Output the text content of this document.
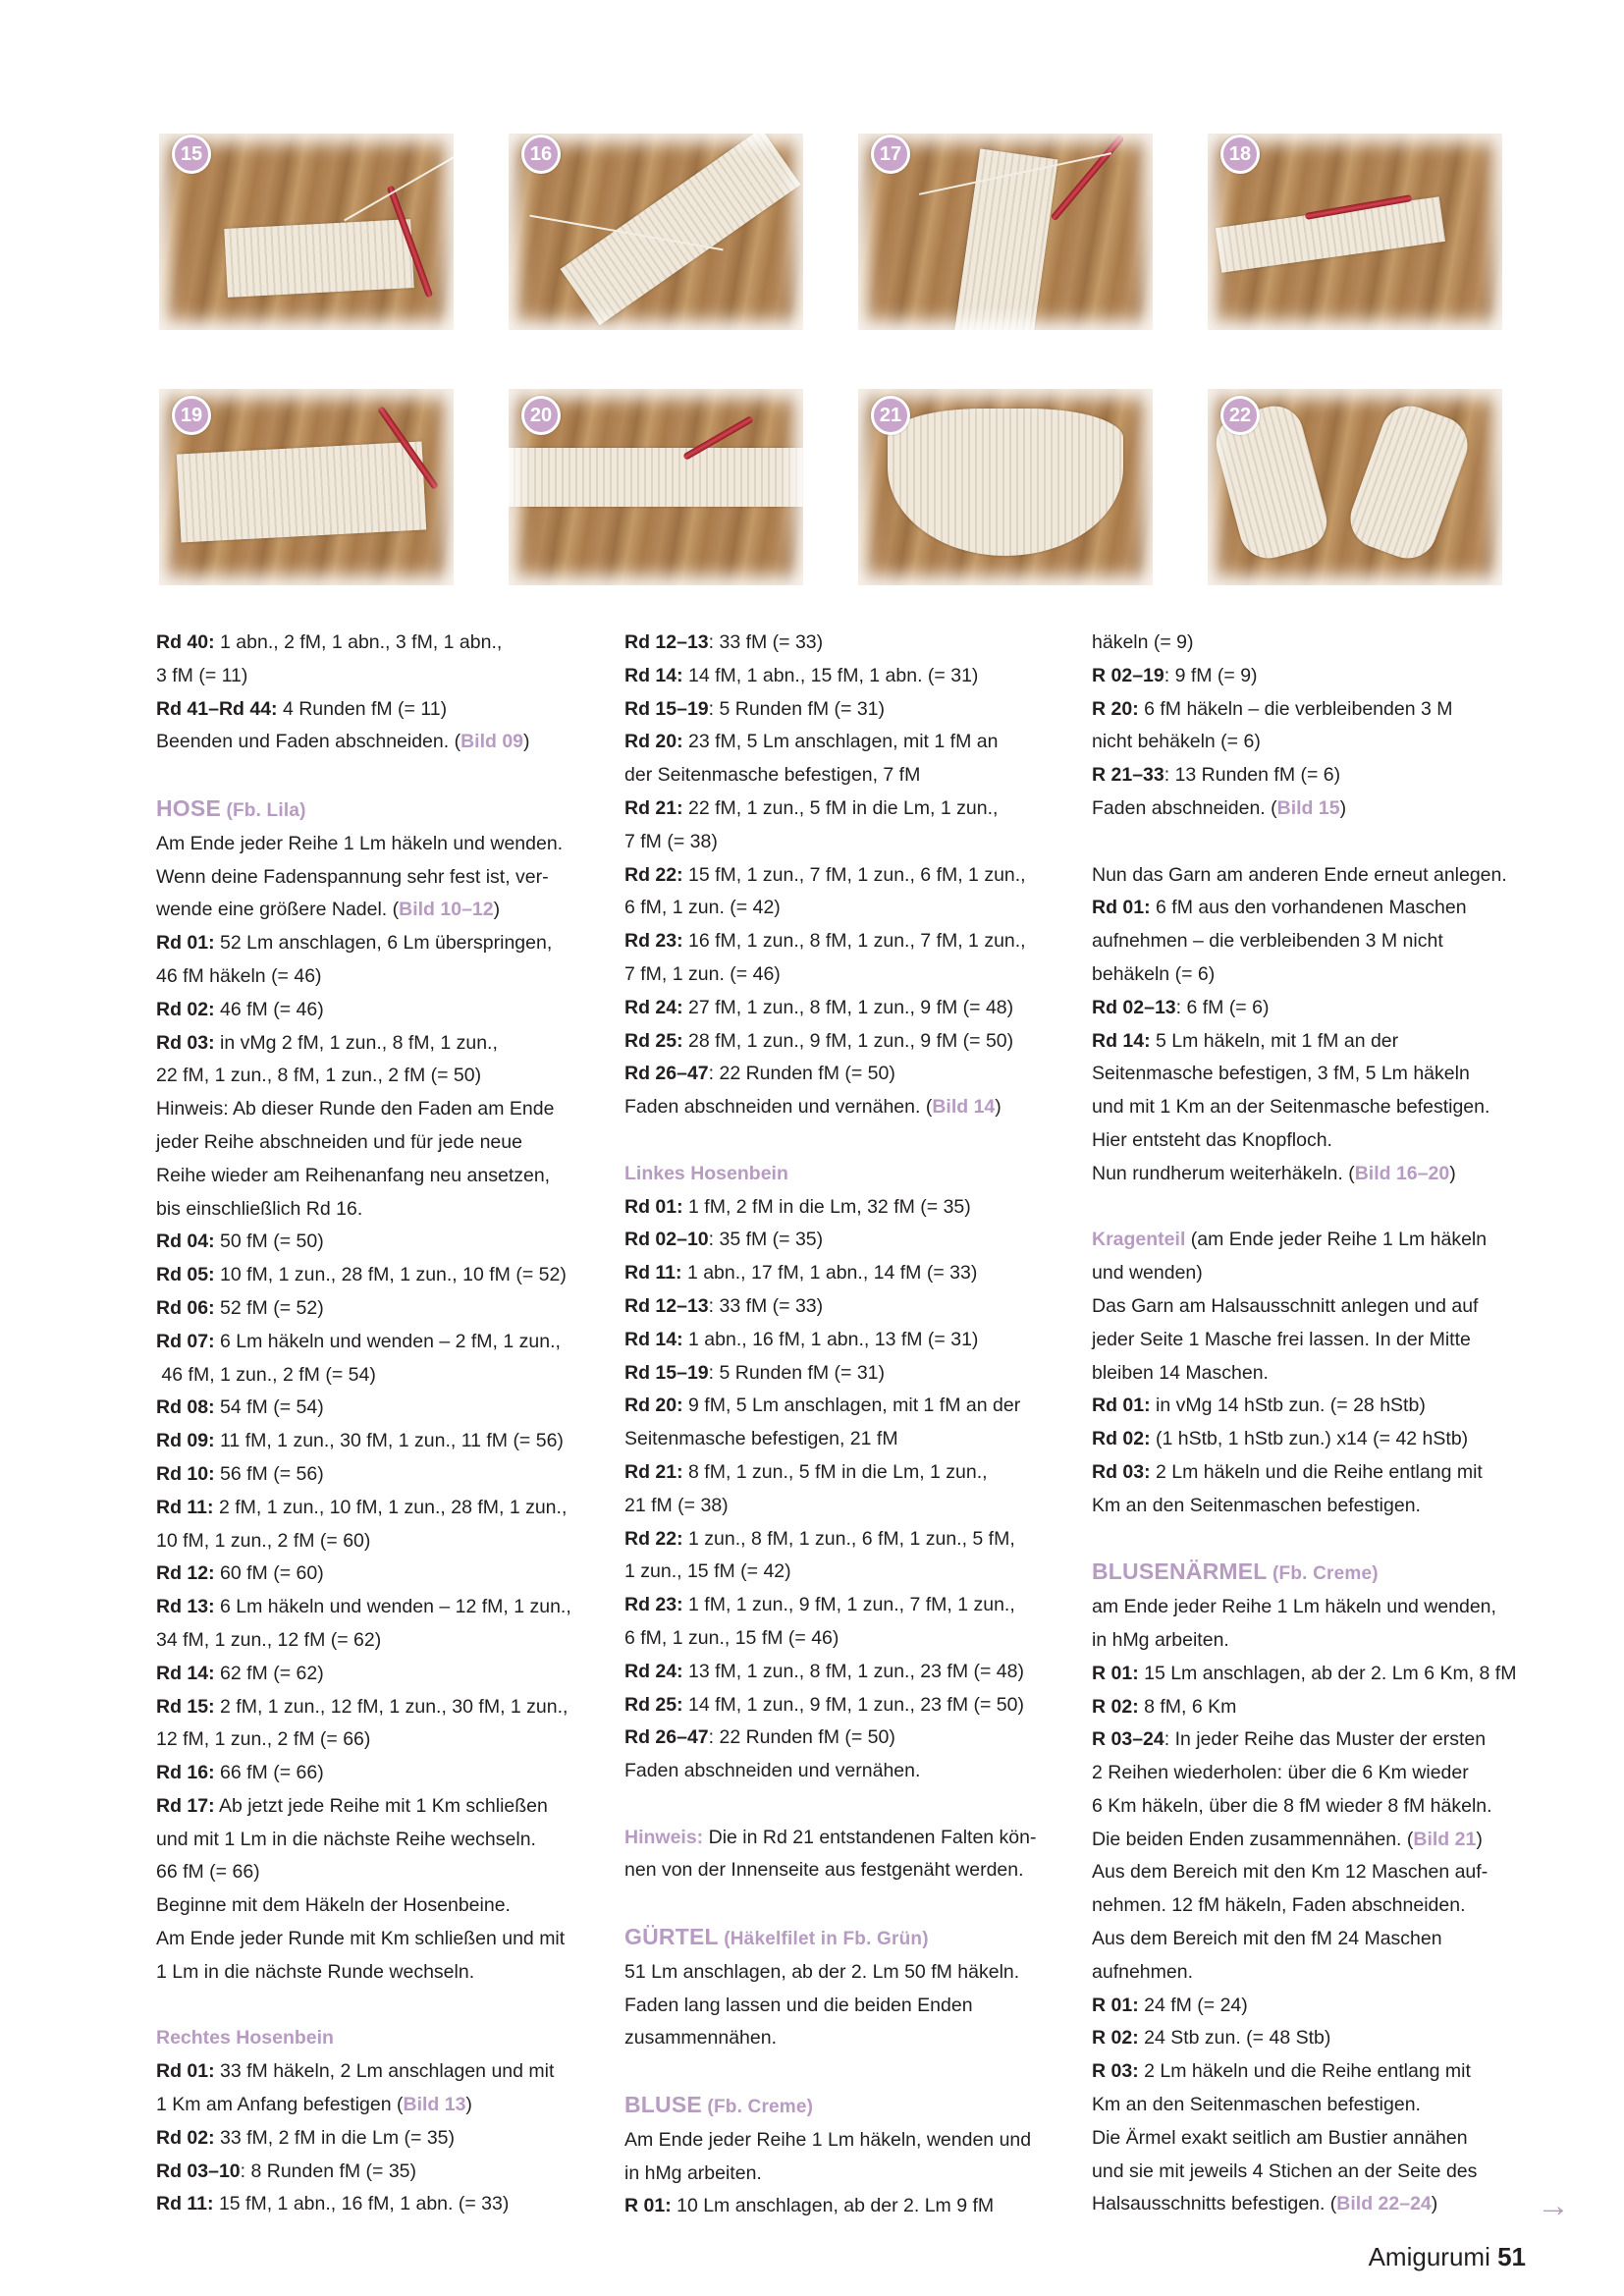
15	16	17	18
19	20	21	22

Rd 40: 1 abn., 2 fM, 1 abn., 3 fM, 1 abn.,

3 fM (= 11)

Rd 41–Rd 44: 4 Runden fM (= 11)

Beenden und Faden abschneiden. (Bild 09)

HOSE (Fb. Lila)

Am Ende jeder Reihe 1 Lm häkeln und wenden.

Wenn deine Fadenspannung sehr fest ist, ver-

wende eine größere Nadel. (Bild 10–12)

Rd 01: 52 Lm anschlagen, 6 Lm überspringen,

46 fM häkeln (= 46)

Rd 02: 46 fM (= 46)

Rd 03: in vMg 2 fM, 1 zun., 8 fM, 1 zun.,

22 fM, 1 zun., 8 fM, 1 zun., 2 fM (= 50)

Hinweis: Ab dieser Runde den Faden am Ende

jeder Reihe abschneiden und für jede neue

Reihe wieder am Reihenanfang neu ansetzen,

bis einschließlich Rd 16.

Rd 04: 50 fM (= 50)

Rd 05: 10 fM, 1 zun., 28 fM, 1 zun., 10 fM (= 52)

Rd 06: 52 fM (= 52)

Rd 07: 6 Lm häkeln und wenden – 2 fM, 1 zun.,

46 fM, 1 zun., 2 fM (= 54)

Rd 08: 54 fM (= 54)

Rd 09: 11 fM, 1 zun., 30 fM, 1 zun., 11 fM (= 56)

Rd 10: 56 fM (= 56)

Rd 11: 2 fM, 1 zun., 10 fM, 1 zun., 28 fM, 1 zun.,

10 fM, 1 zun., 2 fM (= 60)

Rd 12: 60 fM (= 60)

Rd 13: 6 Lm häkeln und wenden – 12 fM, 1 zun.,

34 fM, 1 zun., 12 fM (= 62)

Rd 14: 62 fM (= 62)

Rd 15: 2 fM, 1 zun., 12 fM, 1 zun., 30 fM, 1 zun.,

12 fM, 1 zun., 2 fM (= 66)

Rd 16: 66 fM (= 66)

Rd 17: Ab jetzt jede Reihe mit 1 Km schließen

und mit 1 Lm in die nächste Reihe wechseln.

66 fM (= 66)

Beginne mit dem Häkeln der Hosenbeine.

Am Ende jeder Runde mit Km schließen und mit

1 Lm in die nächste Runde wechseln.

Rechtes Hosenbein

Rd 01: 33 fM häkeln, 2 Lm anschlagen und mit

1 Km am Anfang befestigen (Bild 13)

Rd 02: 33 fM, 2 fM in die Lm (= 35)

Rd 03–10: 8 Runden fM (= 35)

Rd 11: 15 fM, 1 abn., 16 fM, 1 abn. (= 33)

Rd 12–13: 33 fM (= 33)

Rd 14: 14 fM, 1 abn., 15 fM, 1 abn. (= 31)

Rd 15–19: 5 Runden fM (= 31)

Rd 20: 23 fM, 5 Lm anschlagen, mit 1 fM an

der Seitenmasche befestigen, 7 fM

Rd 21: 22 fM, 1 zun., 5 fM in die Lm, 1 zun.,

7 fM (= 38)

Rd 22: 15 fM, 1 zun., 7 fM, 1 zun., 6 fM, 1 zun.,

6 fM, 1 zun. (= 42)

Rd 23: 16 fM, 1 zun., 8 fM, 1 zun., 7 fM, 1 zun.,

7 fM, 1 zun. (= 46)

Rd 24: 27 fM, 1 zun., 8 fM, 1 zun., 9 fM (= 48)

Rd 25: 28 fM, 1 zun., 9 fM, 1 zun., 9 fM (= 50)

Rd 26–47: 22 Runden fM (= 50)

Faden abschneiden und vernähen. (Bild 14)

Linkes Hosenbein

Rd 01: 1 fM, 2 fM in die Lm, 32 fM (= 35)

Rd 02–10: 35 fM (= 35)

Rd 11: 1 abn., 17 fM, 1 abn., 14 fM (= 33)

Rd 12–13: 33 fM (= 33)

Rd 14: 1 abn., 16 fM, 1 abn., 13 fM (= 31)

Rd 15–19: 5 Runden fM (= 31)

Rd 20: 9 fM, 5 Lm anschlagen, mit 1 fM an der

Seitenmasche befestigen, 21 fM

Rd 21: 8 fM, 1 zun., 5 fM in die Lm, 1 zun.,

21 fM (= 38)

Rd 22: 1 zun., 8 fM, 1 zun., 6 fM, 1 zun., 5 fM,

1 zun., 15 fM (= 42)

Rd 23: 1 fM, 1 zun., 9 fM, 1 zun., 7 fM, 1 zun.,

6 fM, 1 zun., 15 fM (= 46)

Rd 24: 13 fM, 1 zun., 8 fM, 1 zun., 23 fM (= 48)

Rd 25: 14 fM, 1 zun., 9 fM, 1 zun., 23 fM (= 50)

Rd 26–47: 22 Runden fM (= 50)

Faden abschneiden und vernähen.

Hinweis: Die in Rd 21 entstandenen Falten kön-

nen von der Innenseite aus festgenäht werden.

GÜRTEL (Häkelfilet in Fb. Grün)

51 Lm anschlagen, ab der 2. Lm 50 fM häkeln.

Faden lang lassen und die beiden Enden

zusammennähen.

BLUSE (Fb. Creme)

Am Ende jeder Reihe 1 Lm häkeln, wenden und

in hMg arbeiten.

R 01: 10 Lm anschlagen, ab der 2. Lm 9 fM

häkeln (= 9)

R 02–19: 9 fM (= 9)

R 20: 6 fM häkeln – die verbleibenden 3 M

nicht behäkeln (= 6)

R 21–33: 13 Runden fM (= 6)

Faden abschneiden. (Bild 15)

Nun das Garn am anderen Ende erneut anlegen.

Rd 01: 6 fM aus den vorhandenen Maschen

aufnehmen – die verbleibenden 3 M nicht

behäkeln (= 6)

Rd 02–13: 6 fM (= 6)

Rd 14: 5 Lm häkeln, mit 1 fM an der

Seitenmasche befestigen, 3 fM, 5 Lm häkeln

und mit 1 Km an der Seitenmasche befestigen.

Hier entsteht das Knopfloch.

Nun rundherum weiterhäkeln. (Bild 16–20)

Kragenteil (am Ende jeder Reihe 1 Lm häkeln

und wenden)

Das Garn am Halsausschnitt anlegen und auf

jeder Seite 1 Masche frei lassen. In der Mitte

bleiben 14 Maschen.

Rd 01: in vMg 14 hStb zun. (= 28 hStb)

Rd 02: (1 hStb, 1 hStb zun.) x14 (= 42 hStb)

Rd 03: 2 Lm häkeln und die Reihe entlang mit

Km an den Seitenmaschen befestigen.

BLUSENÄRMEL (Fb. Creme)

am Ende jeder Reihe 1 Lm häkeln und wenden,

in hMg arbeiten.

R 01: 15 Lm anschlagen, ab der 2. Lm 6 Km, 8 fM

R 02: 8 fM, 6 Km

R 03–24: In jeder Reihe das Muster der ersten

2 Reihen wiederholen: über die 6 Km wieder

6 Km häkeln, über die 8 fM wieder 8 fM häkeln.

Die beiden Enden zusammennähen. (Bild 21)

Aus dem Bereich mit den Km 12 Maschen auf-

nehmen. 12 fM häkeln, Faden abschneiden.

Aus dem Bereich mit den fM 24 Maschen

aufnehmen.

R 01: 24 fM (= 24)

R 02: 24 Stb zun. (= 48 Stb)

R 03: 2 Lm häkeln und die Reihe entlang mit

Km an den Seitenmaschen befestigen.

Die Ärmel exakt seitlich am Bustier annähen

und sie mit jeweils 4 Stichen an der Seite des

Halsausschnitts befestigen. (Bild 22–24)	→
Amigurumi 51
